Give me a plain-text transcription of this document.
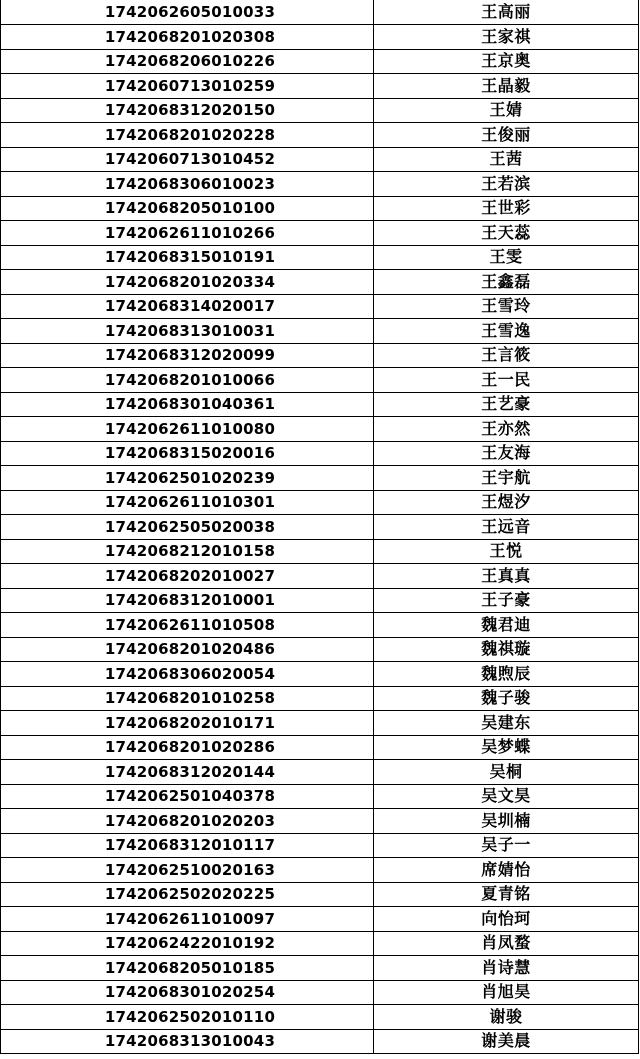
1742062605010033	王高丽
1742068201020308	王家祺
1742068206010226	王京奥
1742060713010259	王晶毅
1742068312020150	王婧
1742068201020228	王俊丽
1742060713010452	王茜
1742068306010023	王若滨
1742068205010100	王世彩
1742062611010266	王天蕊
1742068315010191	王雯
1742068201020334	王鑫磊
1742068314020017	王雪玲
1742068313010031	王雪逸
1742068312020099	王言筱
1742068201010066	王一民
1742068301040361	王艺豪
1742062611010080	王亦然
1742068315020016	王友海
1742062501020239	王宇航
1742062611010301	王煜汐
1742062505020038	王远音
1742068212010158	王悦
1742068202010027	王真真
1742068312010001	王子豪
1742062611010508	魏君迪
1742068201020486	魏祺璇
1742068306020054	魏煦辰
1742068201010258	魏子骏
1742068202010171	吴建东
1742068201020286	吴梦蝶
1742068312020144	吴桐
1742062501040378	吴文昊
1742068201020203	吴圳楠
1742068312010117	吴子一
1742062510020163	席婧怡
1742062502020225	夏青铭
1742062611010097	向怡珂
1742062422010192	肖凤蝥
1742068205010185	肖诗慧
1742068301020254	肖旭昊
1742062502010110	谢骏
1742068313010043	谢美晨
